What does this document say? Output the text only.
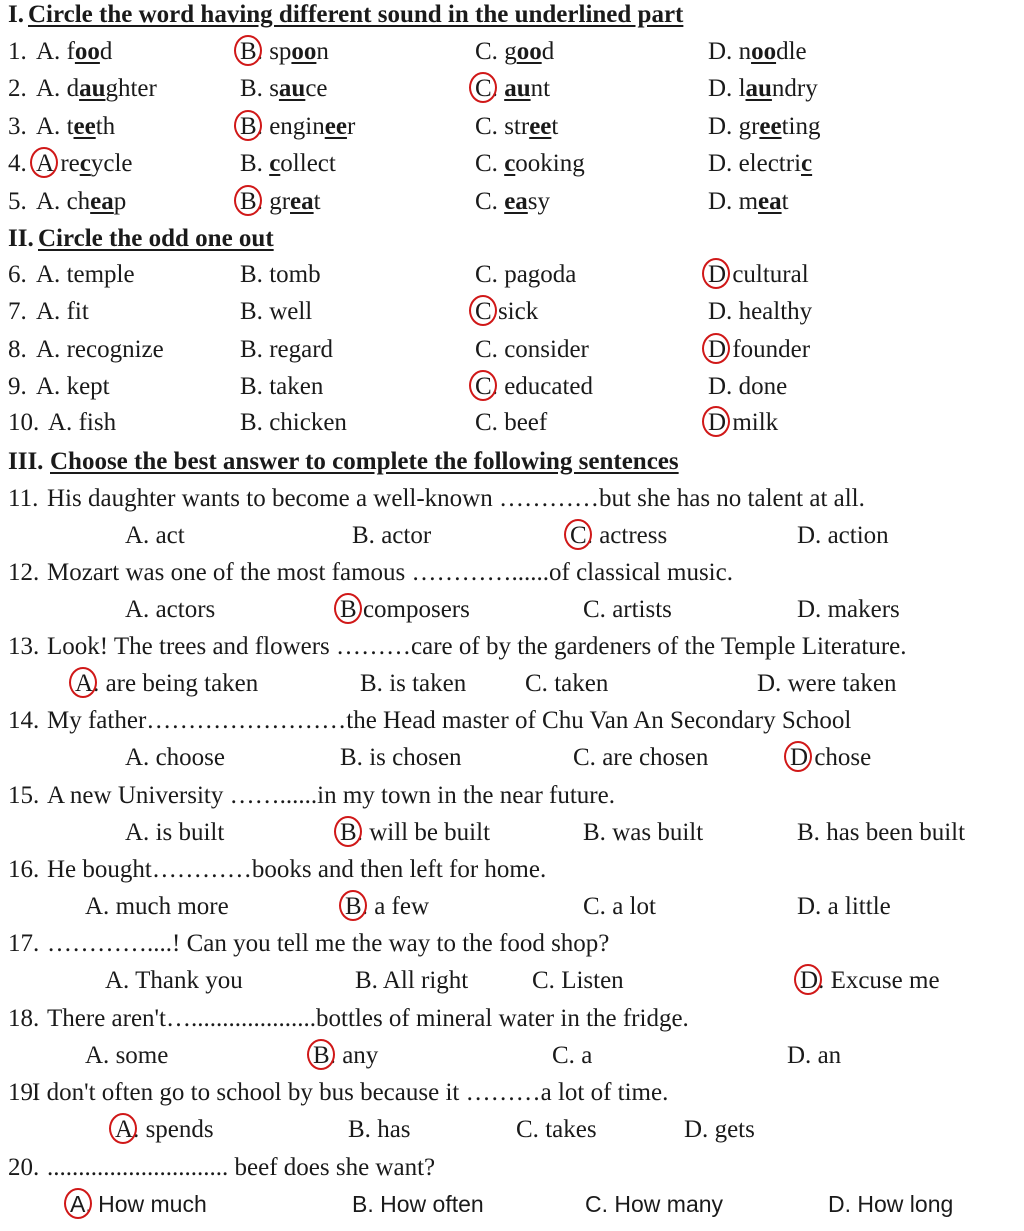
I. Circle the word having different sound in the underlined part
1. A. food	B. spoon	C. good	D. noodle
2. A. daughter	B. sauce	C. aunt	D. laundry
3. A. teeth	B. engineer	C. street	D. greeting
4. A recycle	B. collect	C. cooking	D. electric
5. A. cheap	B. great	C. easy	D. meat
II. Circle the odd one out
6. A. temple	B. tomb	C. pagoda	D cultural
7. A. fit	B. well	C sick	D. healthy
8. A. recognize	B. regard	C. consider	D founder
9. A. kept	B. taken	C. educated	D. done
10. A. fish	B. chicken	C. beef	D milk
III. Choose the best answer to complete the following sentences
11. His daughter wants to become a well-known …………but she has no talent at all.
A. act	B. actor	C. actress	D. action
12. Mozart was one of the most famous …………......of classical music.
A. actors	B composers	C. artists	D. makers
13. Look! The trees and flowers ………care of by the gardeners of the Temple Literature.
A. are being taken	B. is taken C. taken	D. were taken
14. My father……………………the Head master of Chu Van An Secondary School
A. choose	B. is chosen	C. are chosen	D chose
15. A new University ……......in my town in the near future.
A. is built	B. will be built	B. was built	B. has been built
16. He bought…………books and then left for home.
A. much more	B. a few	C. a lot	D. a little
17. …………....! Can you tell me the way to the food shop?
A. Thank you	B. All right	C. Listen	D. Excuse me
18. There aren't…....................bottles of mineral water in the fridge.
A. some	B. any	C. a	D. an
19.
I don't often go to school by bus because it ………a lot of time.
A. spends	B. has	C. takes	D. gets
20. ............................. beef does she want?
A. How much	B. How often	C. How many	D. How long
